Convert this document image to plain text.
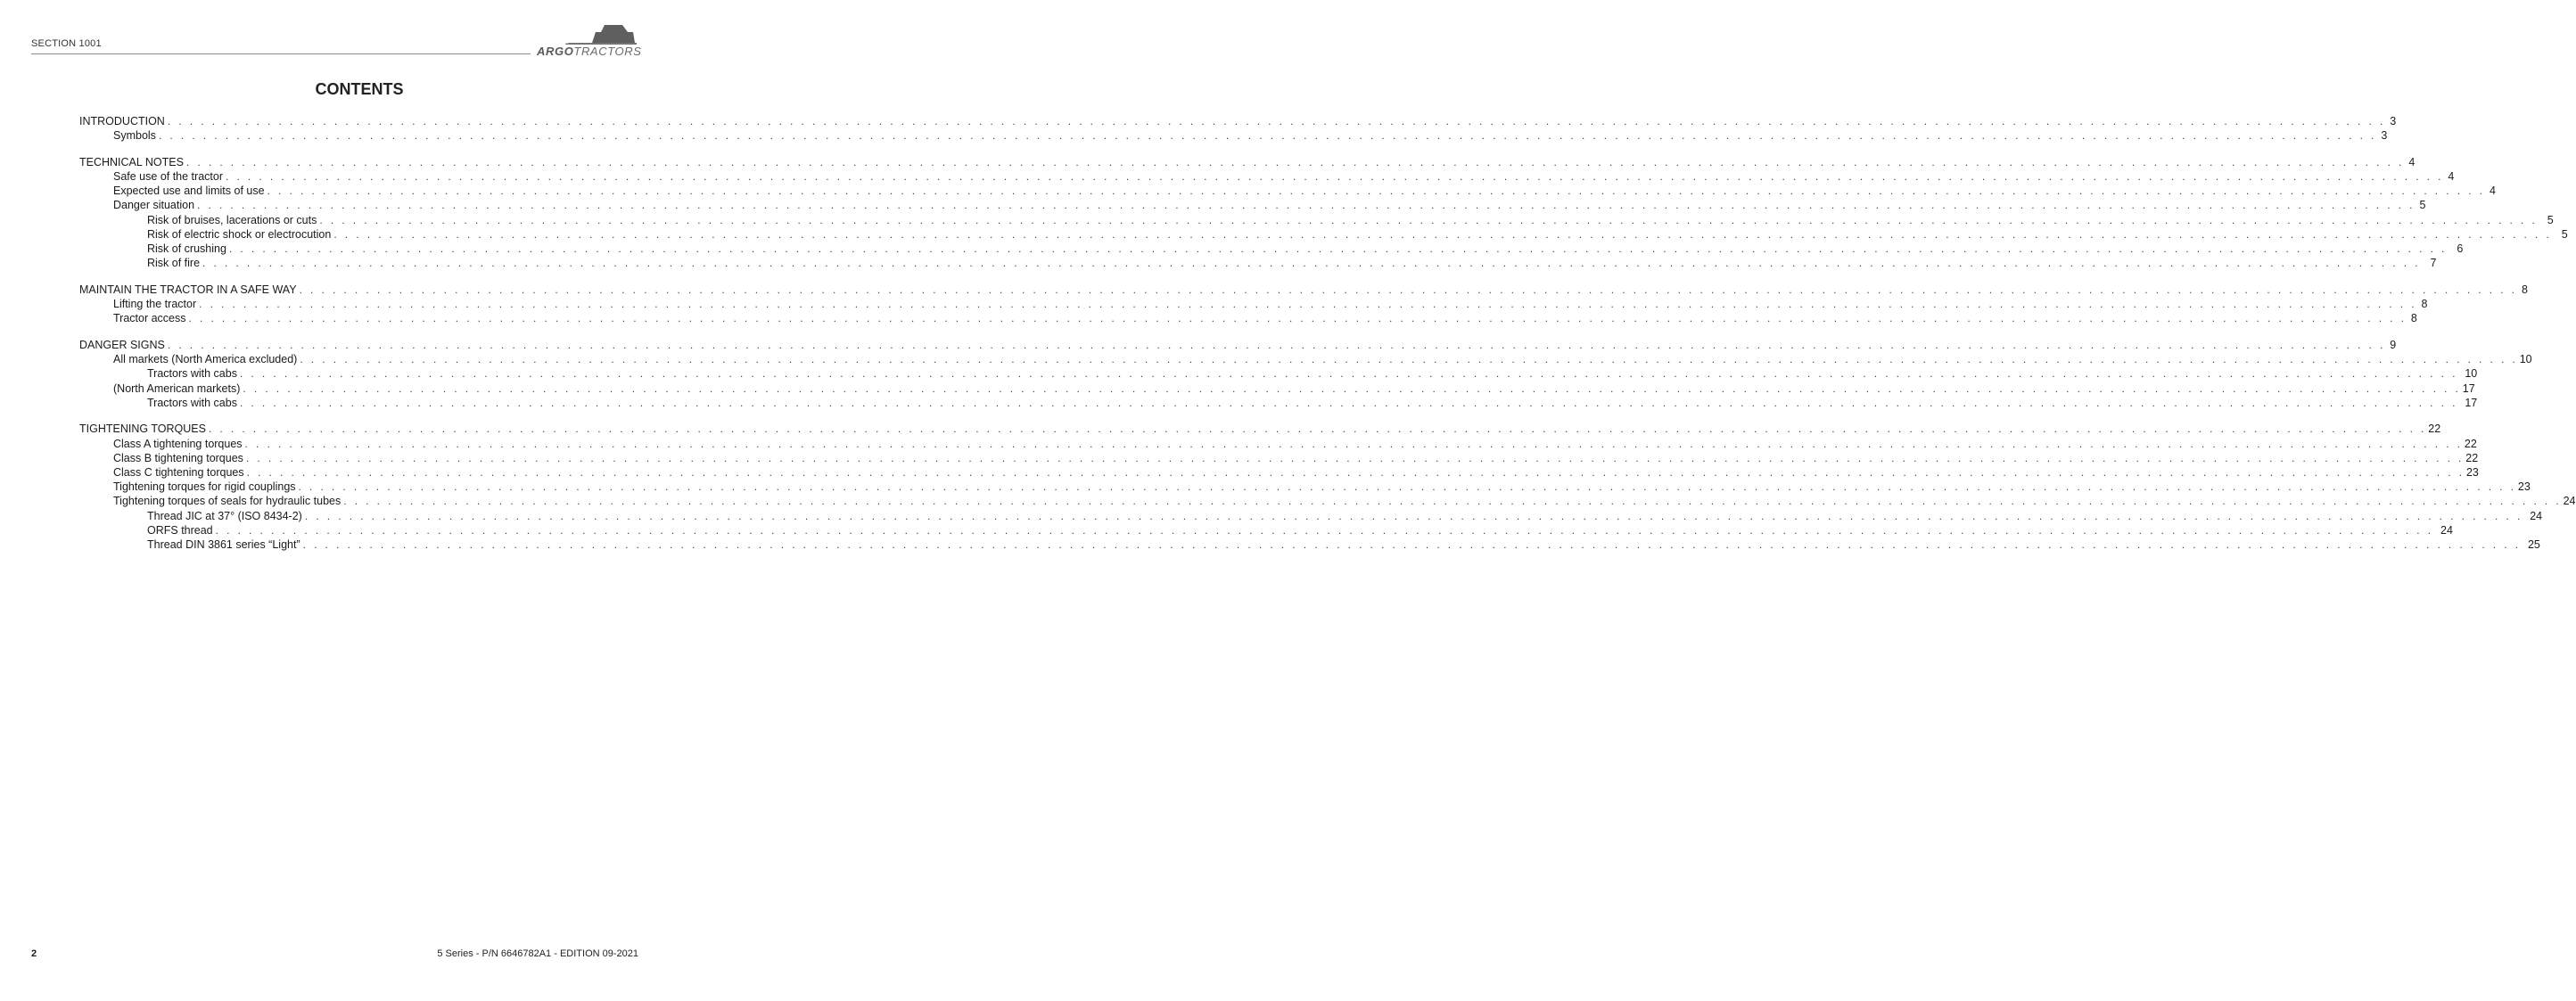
SECTION 1001
ARGOTRACTORS
CONTENTS
INTRODUCTION . . . . . . . . . . . . . . . . . . . . . . . . . . . . . . . . . . . . . . . . . . . . . . . . . . . . . . . . . . . . . . . . . . . . . . . . . . . . . . . . . . . . . . . . . . . . . . . . . . . . . . . . . . . . . . . . . . . . . . . . . . . . . . . . . . . . . . . . . . . . . . . . . . . . . . . . . . . . . . . . . . . . . . . . . . . . . . . . . . . . . . . . . . . . . . . . . . . . . . . . 3
Symbols . . . . . . . . . . . . . . . . . . . . . . . . . . . . . . . . . . . . . . . . . . . . . . . . . . . . . . . . . . . . . . . . . . . . . . . . . . . . . . . . . . . . . . . . . . . . . . . . . . . . . . . . . . . . . . . . . . . . . . . . . . . . . . . . . . . . . . . . . . . . . . . . . . . . . . . . . . . . . . . . . . . . . . . . . . . . . . . . . . . . . . . . . . . . . . . . . . . . . . . . 3
TECHNICAL NOTES . . . . . . . . . . . . . . . . . . . . . . . . . . . . . . . . . . . . . . . . . . . . . . . . . . . . . . . . . . . . . . . . . . . . . . . . . . . . . . . . . . . . . . . . . . . . . . . . . . . . . . . . . . . . . . . . . . . . . . . . . . . . . . . . . . . . . . . . . . . . . . . . . . . . . . . . . . . . . . . . . . . . . . . . . . . . . . . . . . . . . . . . . . . . . . . . . . . . . . . . 4
Safe use of the tractor . . . . . . . . . . . . . . . . . . . . . . . . . . . . . . . . . . . . . . . . . . . . . . . . . . . . . . . . . . . . . . . . . . . . . . . . . . . . . . . . . . . . . . . . . . . . . . . . . . . . . . . . . . . . . . . . . . . . . . . . . . . . . . . . . . . . . . . . . . . . . . . . . . . . . . . . . . . . . . . . . . . . . . . . . . . . . . . . . . . . . . . . . . . . . . . . . . . . . . . . 4
Expected use and limits of use . . . . . . . . . . . . . . . . . . . . . . . . . . . . . . . . . . . . . . . . . . . . . . . . . . . . . . . . . . . . . . . . . . . . . . . . . . . . . . . . . . . . . . . . . . . . . . . . . . . . . . . . . . . . . . . . . . . . . . . . . . . . . . . . . . . . . . . . . . . . . . . . . . . . . . . . . . . . . . . . . . . . . . . . . . . . . . . . . . . . . . . . . . . . . . . . . . . . . . . . 4
Danger situation . . . . . . . . . . . . . . . . . . . . . . . . . . . . . . . . . . . . . . . . . . . . . . . . . . . . . . . . . . . . . . . . . . . . . . . . . . . . . . . . . . . . . . . . . . . . . . . . . . . . . . . . . . . . . . . . . . . . . . . . . . . . . . . . . . . . . . . . . . . . . . . . . . . . . . . . . . . . . . . . . . . . . . . . . . . . . . . . . . . . . . . . . . . . . . . . . . . . . . . . 5
Risk of bruises, lacerations or cuts . . . . . . . . . . . . . . . . . . . . . . . . . . . . . . . . . . . . . . . . . . . . . . . . . . . . . . . . . . . . . . . . . . . . . . . . . . . . . . . . . . . . . . . . . . . . . . . . . . . . . . . . . . . . . . . . . . . . . . . . . . . . . . . . . . . . . . . . . . . . . . . . . . . . . . . . . . . . . . . . . . . . . . . . . . . . . . . . . . . . . . . . . . . . . . . . . . . . . . . . 5
Risk of electric shock or electrocution . . . . . . . . . . . . . . . . . . . . . . . . . . . . . . . . . . . . . . . . . . . . . . . . . . . . . . . . . . . . . . . . . . . . . . . . . . . . . . . . . . . . . . . . . . . . . . . . . . . . . . . . . . . . . . . . . . . . . . . . . . . . . . . . . . . . . . . . . . . . . . . . . . . . . . . . . . . . . . . . . . . . . . . . . . . . . . . . . . . . . . . . . . . . . . . . . . . . . . . . 5
Risk of crushing . . . . . . . . . . . . . . . . . . . . . . . . . . . . . . . . . . . . . . . . . . . . . . . . . . . . . . . . . . . . . . . . . . . . . . . . . . . . . . . . . . . . . . . . . . . . . . . . . . . . . . . . . . . . . . . . . . . . . . . . . . . . . . . . . . . . . . . . . . . . . . . . . . . . . . . . . . . . . . . . . . . . . . . . . . . . . . . . . . . . . . . . . . . . . . . . . . . . . . . . 6
Risk of fire . . . . . . . . . . . . . . . . . . . . . . . . . . . . . . . . . . . . . . . . . . . . . . . . . . . . . . . . . . . . . . . . . . . . . . . . . . . . . . . . . . . . . . . . . . . . . . . . . . . . . . . . . . . . . . . . . . . . . . . . . . . . . . . . . . . . . . . . . . . . . . . . . . . . . . . . . . . . . . . . . . . . . . . . . . . . . . . . . . . . . . . . . . . . . . . . . . . . . . . . 7
MAINTAIN THE TRACTOR IN A SAFE WAY . . . . . . . . . . . . . . . . . . . . . . . . . . . . . . . . . . . . . . . . . . . . . . . . . . . . . . . . . . . . . . . . . . . . . . . . . . . . . . . . . . . . . . . . . . . . . . . . . . . . . . . . . . . . . . . . . . . . . . . . . . . . . . . . . . . . . . . . . . . . . . . . . . . . . . . . . . . . . . . . . . . . . . . . . . . . . . . . . . . . . . . . . . . . . . . . . . . . . . . . 8
Lifting the tractor . . . . . . . . . . . . . . . . . . . . . . . . . . . . . . . . . . . . . . . . . . . . . . . . . . . . . . . . . . . . . . . . . . . . . . . . . . . . . . . . . . . . . . . . . . . . . . . . . . . . . . . . . . . . . . . . . . . . . . . . . . . . . . . . . . . . . . . . . . . . . . . . . . . . . . . . . . . . . . . . . . . . . . . . . . . . . . . . . . . . . . . . . . . . . . . . . . . . . . . . 8
Tractor access . . . . . . . . . . . . . . . . . . . . . . . . . . . . . . . . . . . . . . . . . . . . . . . . . . . . . . . . . . . . . . . . . . . . . . . . . . . . . . . . . . . . . . . . . . . . . . . . . . . . . . . . . . . . . . . . . . . . . . . . . . . . . . . . . . . . . . . . . . . . . . . . . . . . . . . . . . . . . . . . . . . . . . . . . . . . . . . . . . . . . . . . . . . . . . . . . . . . . . . . 8
DANGER SIGNS . . . . . . . . . . . . . . . . . . . . . . . . . . . . . . . . . . . . . . . . . . . . . . . . . . . . . . . . . . . . . . . . . . . . . . . . . . . . . . . . . . . . . . . . . . . . . . . . . . . . . . . . . . . . . . . . . . . . . . . . . . . . . . . . . . . . . . . . . . . . . . . . . . . . . . . . . . . . . . . . . . . . . . . . . . . . . . . . . . . . . . . . . . . . . . . . . . . . . . . . 9
All markets (North America excluded) . . . . . . . . . . . . . . . . . . . . . . . . . . . . . . . . . . . . . . . . . . . . . . . . . . . . . . . . . . . . . . . . . . . . . . . . . . . . . . . . . . . . . . . . . . . . . . . . . . . . . . . . . . . . . . . . . . . . . . . . . . . . . . . . . . . . . . . . . . . . . . . . . . . . . . . . . . . . . . . . . . . . . . . . . . . . . . . . . . . . . . . . . . . . . . . . . . . . . . . . 10
Tractors with cabs . . . . . . . . . . . . . . . . . . . . . . . . . . . . . . . . . . . . . . . . . . . . . . . . . . . . . . . . . . . . . . . . . . . . . . . . . . . . . . . . . . . . . . . . . . . . . . . . . . . . . . . . . . . . . . . . . . . . . . . . . . . . . . . . . . . . . . . . . . . . . . . . . . . . . . . . . . . . . . . . . . . . . . . . . . . . . . . . . . . . . . . . . . . . . . . . . . . . . . . . 10
(North American markets) . . . . . . . . . . . . . . . . . . . . . . . . . . . . . . . . . . . . . . . . . . . . . . . . . . . . . . . . . . . . . . . . . . . . . . . . . . . . . . . . . . . . . . . . . . . . . . . . . . . . . . . . . . . . . . . . . . . . . . . . . . . . . . . . . . . . . . . . . . . . . . . . . . . . . . . . . . . . . . . . . . . . . . . . . . . . . . . . . . . . . . . . . . . . . . . . . . . . . . . . 17
Tractors with cabs . . . . . . . . . . . . . . . . . . . . . . . . . . . . . . . . . . . . . . . . . . . . . . . . . . . . . . . . . . . . . . . . . . . . . . . . . . . . . . . . . . . . . . . . . . . . . . . . . . . . . . . . . . . . . . . . . . . . . . . . . . . . . . . . . . . . . . . . . . . . . . . . . . . . . . . . . . . . . . . . . . . . . . . . . . . . . . . . . . . . . . . . . . . . . . . . . . . . . . . . 17
TIGHTENING TORQUES . . . . . . . . . . . . . . . . . . . . . . . . . . . . . . . . . . . . . . . . . . . . . . . . . . . . . . . . . . . . . . . . . . . . . . . . . . . . . . . . . . . . . . . . . . . . . . . . . . . . . . . . . . . . . . . . . . . . . . . . . . . . . . . . . . . . . . . . . . . . . . . . . . . . . . . . . . . . . . . . . . . . . . . . . . . . . . . . . . . . . . . . . . . . . . . . . . . . . . . . 22
Class A tightening torques . . . . . . . . . . . . . . . . . . . . . . . . . . . . . . . . . . . . . . . . . . . . . . . . . . . . . . . . . . . . . . . . . . . . . . . . . . . . . . . . . . . . . . . . . . . . . . . . . . . . . . . . . . . . . . . . . . . . . . . . . . . . . . . . . . . . . . . . . . . . . . . . . . . . . . . . . . . . . . . . . . . . . . . . . . . . . . . . . . . . . . . . . . . . . . . . . . . . . . . . 22
Class B tightening torques . . . . . . . . . . . . . . . . . . . . . . . . . . . . . . . . . . . . . . . . . . . . . . . . . . . . . . . . . . . . . . . . . . . . . . . . . . . . . . . . . . . . . . . . . . . . . . . . . . . . . . . . . . . . . . . . . . . . . . . . . . . . . . . . . . . . . . . . . . . . . . . . . . . . . . . . . . . . . . . . . . . . . . . . . . . . . . . . . . . . . . . . . . . . . . . . . . . . . . . . 22
Class C tightening torques . . . . . . . . . . . . . . . . . . . . . . . . . . . . . . . . . . . . . . . . . . . . . . . . . . . . . . . . . . . . . . . . . . . . . . . . . . . . . . . . . . . . . . . . . . . . . . . . . . . . . . . . . . . . . . . . . . . . . . . . . . . . . . . . . . . . . . . . . . . . . . . . . . . . . . . . . . . . . . . . . . . . . . . . . . . . . . . . . . . . . . . . . . . . . . . . . . . . . . . . 23
Tightening torques for rigid couplings . . . . . . . . . . . . . . . . . . . . . . . . . . . . . . . . . . . . . . . . . . . . . . . . . . . . . . . . . . . . . . . . . . . . . . . . . . . . . . . . . . . . . . . . . . . . . . . . . . . . . . . . . . . . . . . . . . . . . . . . . . . . . . . . . . . . . . . . . . . . . . . . . . . . . . . . . . . . . . . . . . . . . . . . . . . . . . . . . . . . . . . . . . . . . . . . . . . . . . . . 23
Tightening torques of seals for hydraulic tubes . . . . . . . . . . . . . . . . . . . . . . . . . . . . . . . . . . . . . . . . . . . . . . . . . . . . . . . . . . . . . . . . . . . . . . . . . . . . . . . . . . . . . . . . . . . . . . . . . . . . . . . . . . . . . . . . . . . . . . . . . . . . . . . . . . . . . . . . . . . . . . . . . . . . . . . . . . . . . . . . . . . . . . . . . . . . . . . . . . . . . . . . . . . . . . . . . . . . . . . . 24
Thread JIC at 37° (ISO 8434-2) . . . . . . . . . . . . . . . . . . . . . . . . . . . . . . . . . . . . . . . . . . . . . . . . . . . . . . . . . . . . . . . . . . . . . . . . . . . . . . . . . . . . . . . . . . . . . . . . . . . . . . . . . . . . . . . . . . . . . . . . . . . . . . . . . . . . . . . . . . . . . . . . . . . . . . . . . . . . . . . . . . . . . . . . . . . . . . . . . . . . . . . . . . . . . . . . . . . . . . . . 24
ORFS thread . . . . . . . . . . . . . . . . . . . . . . . . . . . . . . . . . . . . . . . . . . . . . . . . . . . . . . . . . . . . . . . . . . . . . . . . . . . . . . . . . . . . . . . . . . . . . . . . . . . . . . . . . . . . . . . . . . . . . . . . . . . . . . . . . . . . . . . . . . . . . . . . . . . . . . . . . . . . . . . . . . . . . . . . . . . . . . . . . . . . . . . . . . . . . . . . . . . . . . . . 24
Thread DIN 3861 series “Light” . . . . . . . . . . . . . . . . . . . . . . . . . . . . . . . . . . . . . . . . . . . . . . . . . . . . . . . . . . . . . . . . . . . . . . . . . . . . . . . . . . . . . . . . . . . . . . . . . . . . . . . . . . . . . . . . . . . . . . . . . . . . . . . . . . . . . . . . . . . . . . . . . . . . . . . . . . . . . . . . . . . . . . . . . . . . . . . . . . . . . . . . . . . . . . . . . . . . . . . . 25
2	5 Series - P/N 6646782A1 - EDITION 09-2021
